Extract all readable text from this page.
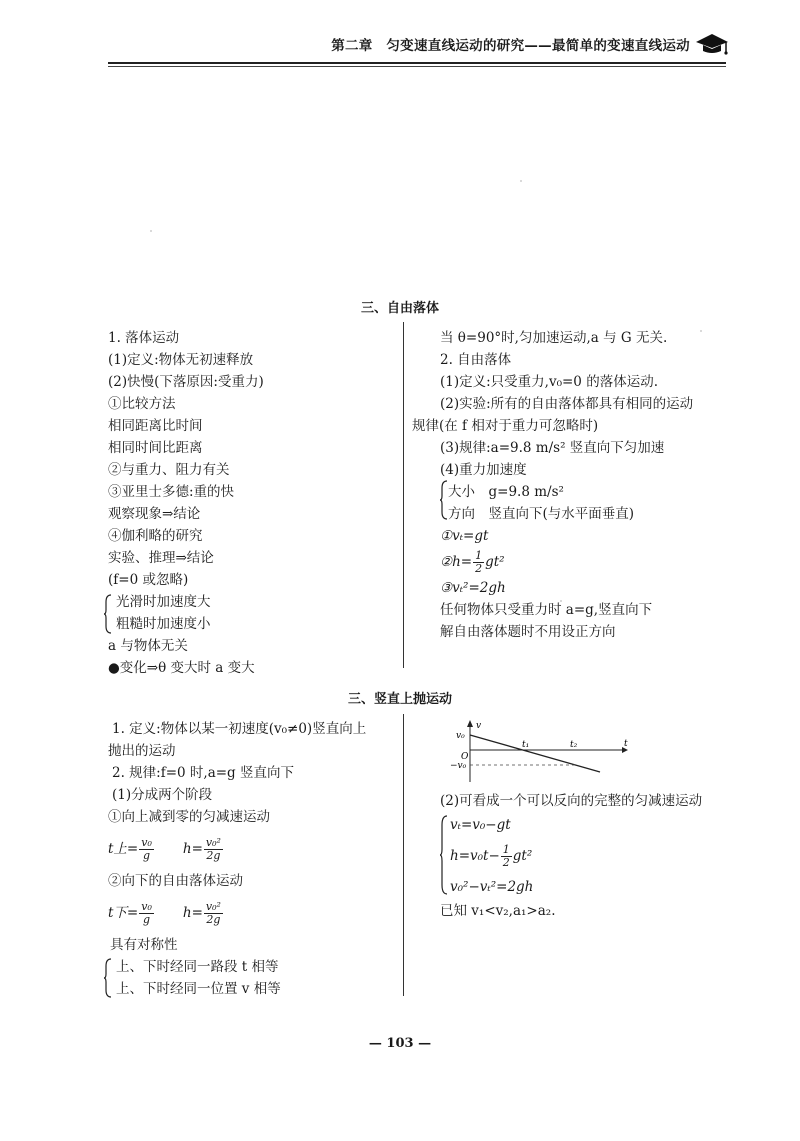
第二章　匀变速直线运动的研究——最简单的变速直线运动
三、自由落体
1. 落体运动
(1)定义:物体无初速释放
(2)快慢(下落原因:受重力)
①比较方法
相同距离比时间
相同时间比距离
②与重力、阻力有关
③亚里士多德:重的快
观察现象⇒结论
④伽利略的研究
实验、推理⇒结论
(f=0 或忽略)
光滑时加速度大
粗糙时加速度小
a 与物体无关
●变化⇒θ 变大时 a 变大
当 θ=90°时,匀加速运动,a 与 G 无关.
2. 自由落体
(1)定义:只受重力,v₀=0 的落体运动.
(2)实验:所有的自由落体都具有相同的运动
规律(在 f 相对于重力可忽略时)
(3)规律:a=9.8 m/s² 竖直向下匀加速
(4)重力加速度
大小　g=9.8 m/s²
方向　竖直向下(与水平面垂直)
①vₜ=gt
②h= $\frac{1}{2} gt^2$
③vₜ²=2gh
任何物体只受重力时 a=g,竖直向下
解自由落体题时不用设正方向
三、竖直上抛运动
1. 定义:物体以某一初速度(v₀≠0)竖直向上
抛出的运动
2. 规律:f=0 时,a=g 竖直向下
(1)分成两个阶段
①向上减到零的匀减速运动
t上= $\frac{\text{v₀}}{g} h= \frac{\text{v₀²}}{2g}$
②向下的自由落体运动
t下= $\frac{\text{v₀}}{g} h= \frac{\text{v₀²}}{2g}$
具有对称性
上、下时经同一路段 t 相等
上、下时经同一位置 v 相等
v
t
v₀
O
−v₀
t₁	t₂
(2)可看成一个可以反向的完整的匀减速运动
vₜ=v₀−gt
$h=v_0t- \frac{1}{2} gt^2$
v₀²−vₜ²=2gh
已知 v₁<v₂,a₁>a₂.
— 103 —
